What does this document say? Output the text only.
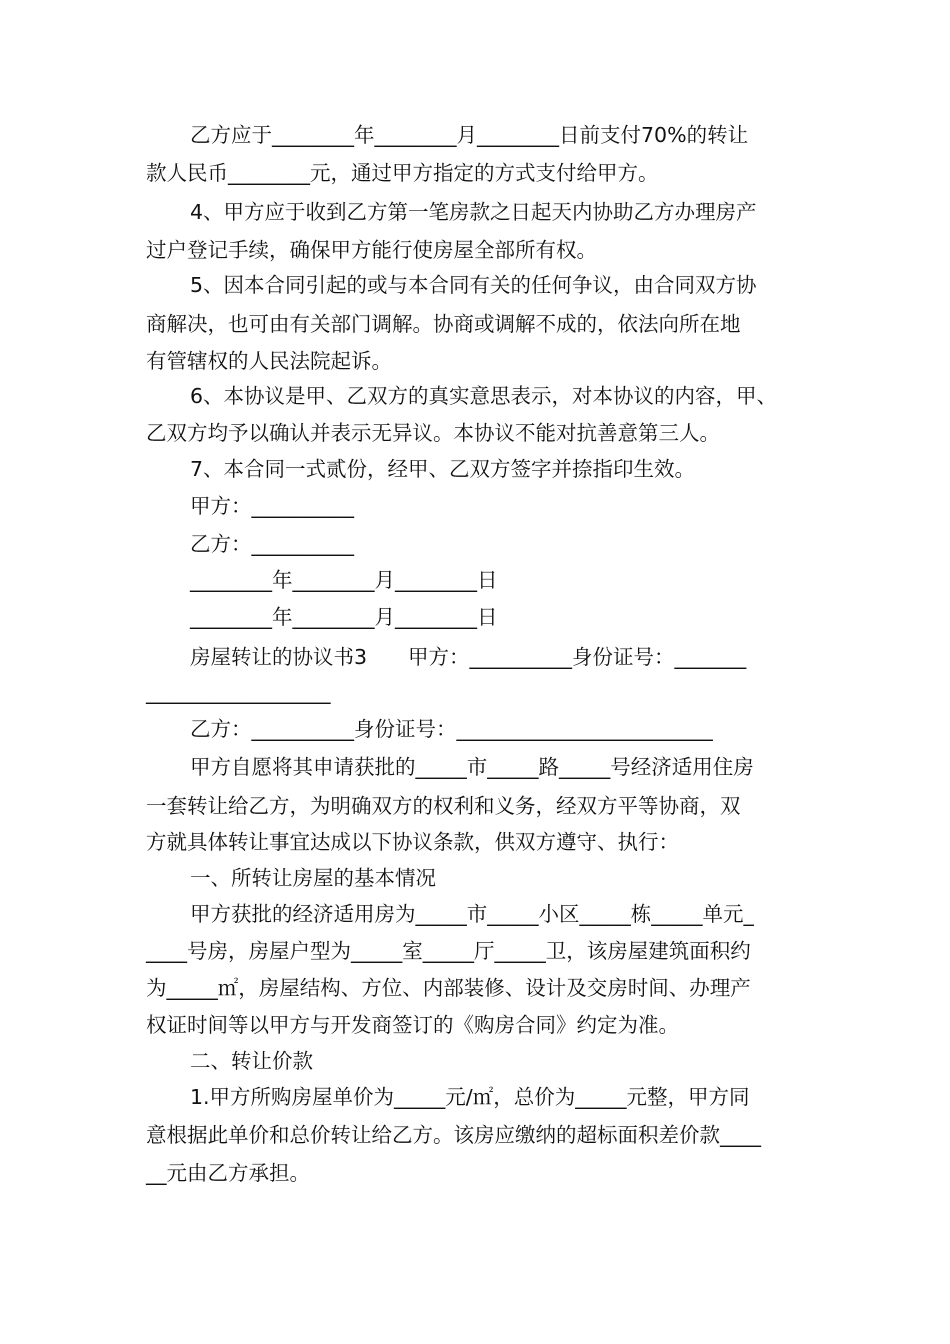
乙方应于________年________月________日前支付70%的转让
款人民币________元，通过甲方指定的方式支付给甲方。
4、甲方应于收到乙方第一笔房款之日起天内协助乙方办理房产
过户登记手续，确保甲方能行使房屋全部所有权。
5、因本合同引起的或与本合同有关的任何争议，由合同双方协
商解决，也可由有关部门调解。协商或调解不成的，依法向所在地
有管辖权的人民法院起诉。
6、本协议是甲、乙双方的真实意思表示，对本协议的内容，甲、
乙双方均予以确认并表示无异议。本协议不能对抗善意第三人。
7、本合同一式贰份，经甲、乙双方签字并捺指印生效。
甲方：__________
乙方：__________
________年________月________日
________年________月________日
房屋转让的协议书3　　甲方：__________身份证号：_______
__________________
乙方：__________身份证号：_________________________
甲方自愿将其申请获批的_____市_____路_____号经济适用住房
一套转让给乙方，为明确双方的权利和义务，经双方平等协商，双
方就具体转让事宜达成以下协议条款，供双方遵守、执行：
一、所转让房屋的基本情况
甲方获批的经济适用房为_____市_____小区_____栋_____单元_
____号房，房屋户型为_____室_____厅_____卫，该房屋建筑面积约
为_____㎡，房屋结构、方位、内部装修、设计及交房时间、办理产
权证时间等以甲方与开发商签订的《购房合同》约定为准。
二、转让价款
1.甲方所购房屋单价为_____元/㎡，总价为_____元整，甲方同
意根据此单价和总价转让给乙方。该房应缴纳的超标面积差价款____
__元由乙方承担。
